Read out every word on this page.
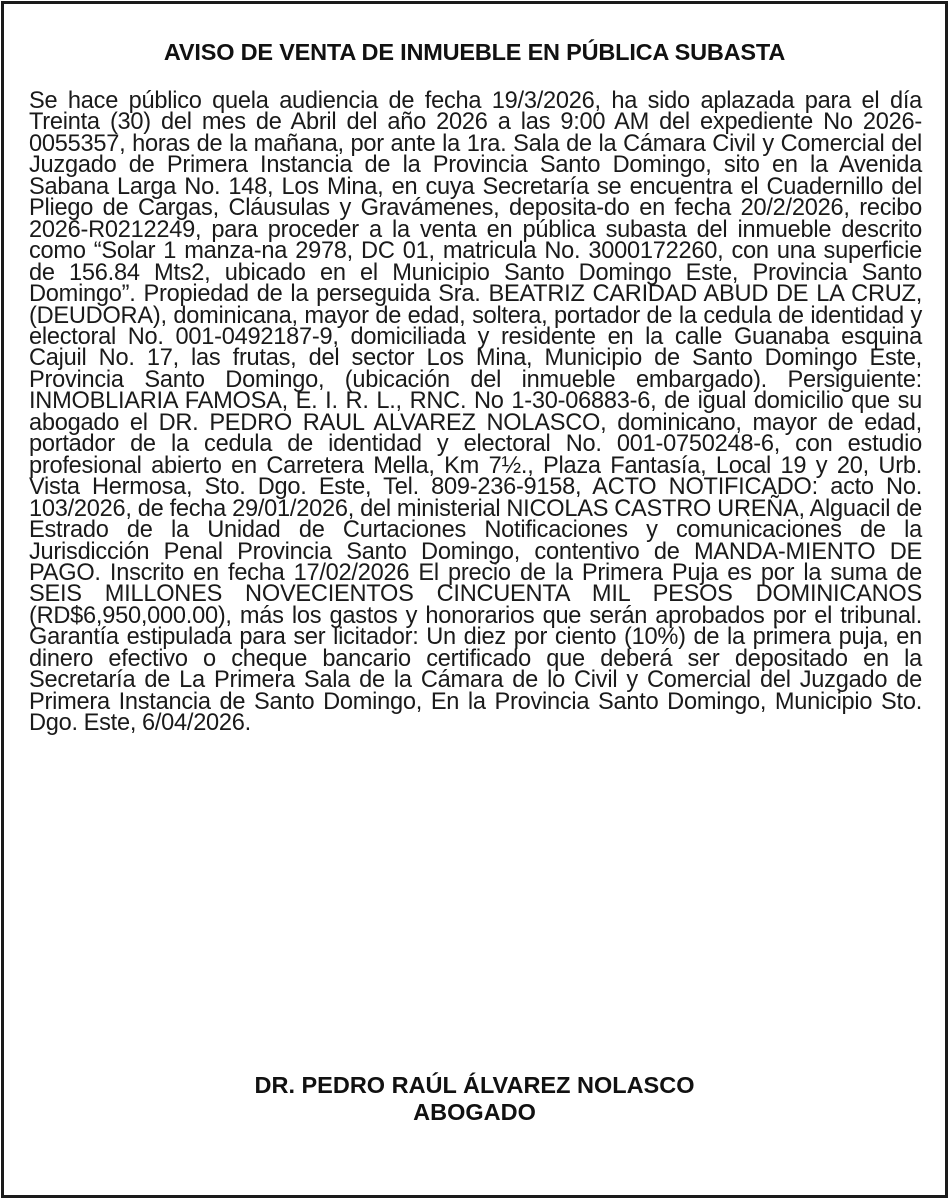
AVISO DE VENTA DE INMUEBLE EN PÚBLICA SUBASTA

Se hace público quela audiencia de fecha 19/3/2026, ha sido aplazada para el día Treinta (30) del mes de Abril del año 2026 a las 9:00 AM del expediente No 2026-0055357, horas de la mañana, por ante la 1ra. Sala de la Cámara Civil y Comercial del Juzgado de Primera Instancia de la Provincia Santo Domingo, sito en la Avenida Sabana Larga No. 148, Los Mina, en cuya Secretaría se encuentra el Cuadernillo del Pliego de Cargas, Cláusulas y Gravámenes, deposita-do en fecha 20/2/2026, recibo 2026-R0212249, para proceder a la venta en pública subasta del inmueble descrito como “Solar 1 manza-na 2978, DC 01, matricula No. 3000172260, con una superficie de 156.84 Mts2, ubicado en el Municipio Santo Domingo Este, Provincia Santo Domingo”. Propiedad de la perseguida Sra. BEATRIZ CARIDAD ABUD DE LA CRUZ, (DEUDORA), dominicana, mayor de edad, soltera, portador de la cedula de identidad y electoral No. 001-0492187-9, domiciliada y residente en la calle Guanaba esquina Cajuil No. 17, las frutas, del sector Los Mina, Municipio de Santo Domingo Este, Provincia Santo Domingo, (ubicación del inmueble embargado). Persiguiente: INMOBLIARIA FAMOSA, E. I. R. L., RNC. No 1-30-06883-6, de igual domicilio que su abogado el DR. PEDRO RAUL ALVAREZ NOLASCO, dominicano, mayor de edad, portador de la cedula de identidad y electoral No. 001-0750248-6, con estudio profesional abierto en Carretera Mella, Km 7½., Plaza Fantasía, Local 19 y 20, Urb. Vista Hermosa, Sto. Dgo. Este, Tel. 809-236-9158, ACTO NOTIFICADO: acto No. 103/2026, de fecha 29/01/2026, del ministerial NICOLAS CASTRO UREÑA, Alguacil de Estrado de la Unidad de Curtaciones Notificaciones y comunicaciones de la Jurisdicción Penal Provincia Santo Domingo, contentivo de MANDA-MIENTO DE PAGO. Inscrito en fecha 17/02/2026 El precio de la Primera Puja es por la suma de SEIS MILLONES NOVECIENTOS CINCUENTA MIL PESOS DOMINICANOS (RD$6,950,000.00), más los gastos y honorarios que serán aprobados por el tribunal. Garantía estipulada para ser licitador: Un diez por ciento (10%) de la primera puja, en dinero efectivo o cheque bancario certificado que deberá ser depositado en la Secretaría de La Primera Sala de la Cámara de lo Civil y Comercial del Juzgado de Primera Instancia de Santo Domingo, En la Provincia Santo Domingo, Municipio Sto. Dgo. Este, 6/04/2026.

DR. PEDRO RAÚL ÁLVAREZ NOLASCO
ABOGADO
